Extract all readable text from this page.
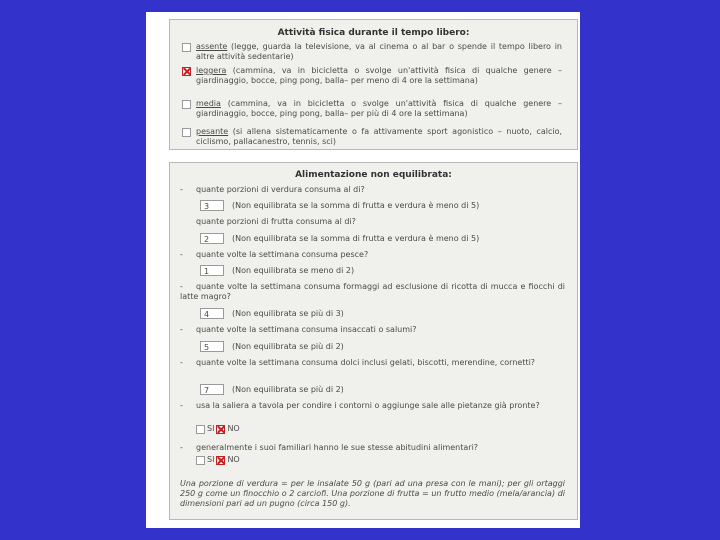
Attività fisica durante il tempo libero:
assente (legge, guarda la televisione, va al cinema o al bar o spende il tempo libero in altre attività sedentarie)
leggera (cammina, va in bicicletta o svolge un'attività fisica di qualche genere – giardinaggio, bocce, ping pong, balla– per meno di 4 ore la settimana)
media (cammina, va in bicicletta o svolge un'attività fisica di qualche genere – giardinaggio, bocce, ping pong, balla– per più di 4 ore la settimana)
pesante (si allena sistematicamente o fa attivamente sport agonistico – nuoto, calcio, ciclismo, pallacanestro, tennis, sci)
Alimentazione non equilibrata:
- quante porzioni di verdura consuma al di?
3	(Non equilibrata se la somma di frutta e verdura è meno di 5)
quante porzioni di frutta consuma al di?
2	(Non equilibrata se la somma di frutta e verdura è meno di 5)
- quante volte la settimana consuma pesce?
1	(Non equilibrata se meno di 2)
- quante volte la settimana consuma formaggi ad esclusione di ricotta di mucca e fiocchi di latte magro?
4	(Non equilibrata se più di 3)
- quante volte la settimana consuma insaccati o salumi?
5	(Non equilibrata se più di 2)
- quante volte la settimana consuma dolci inclusi gelati, biscotti, merendine, cornetti?
7	(Non equilibrata se più di 2)
- usa la saliera a tavola per condire i contorni o aggiunge sale alle pietanze già pronte?
SI NO
- generalmente i suoi familiari hanno le sue stesse abitudini alimentari?
SI NO
Una porzione di verdura = per le insalate 50 g (pari ad una presa con le mani); per gli ortaggi 250 g come un finocchio o 2 carciofi. Una porzione di frutta = un frutto medio (mela/arancia) di dimensioni pari ad un pugno (circa 150 g).
